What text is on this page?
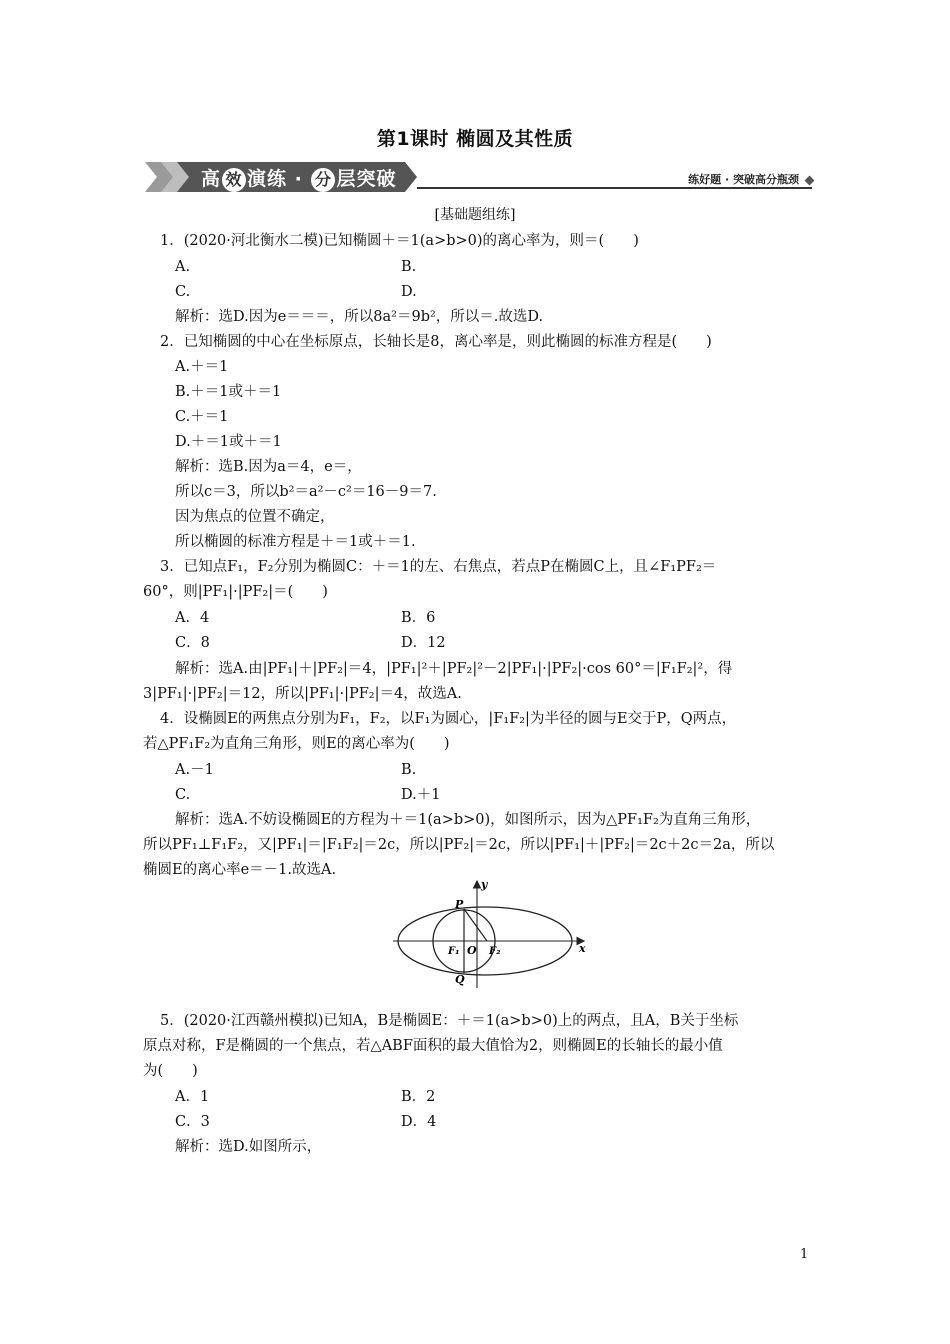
第1课时 椭圆及其性质
高 效 演练 · 分 层突破	练好题 · 突破高分瓶颈
[基础题组练]
1．(2020·河北衡水二模)已知椭圆＋＝1(a>b>0)的离心率为，则＝(　　)
A.	B.
C.	D.
解析：选D.因为e＝＝＝，所以8a²＝9b²，所以＝.故选D.
2．已知椭圆的中心在坐标原点，长轴长是8，离心率是，则此椭圆的标准方程是(　　)
A.＋＝1
B.＋＝1或＋＝1
C.＋＝1
D.＋＝1或＋＝1
解析：选B.因为a＝4，e＝，
所以c＝3，所以b²＝a²－c²＝16－9＝7.
因为焦点的位置不确定，
所以椭圆的标准方程是＋＝1或＋＝1.
3．已知点F₁，F₂分别为椭圆C：＋＝1的左、右焦点，若点P在椭圆C上，且∠F₁PF₂＝
60°，则|PF₁|·|PF₂|＝(　　)
A．4	B．6
C．8	D．12
解析：选A.由|PF₁|＋|PF₂|＝4，|PF₁|²＋|PF₂|²－2|PF₁|·|PF₂|·cos 60°＝|F₁F₂|²，得
3|PF₁|·|PF₂|＝12，所以|PF₁|·|PF₂|＝4，故选A.
4．设椭圆E的两焦点分别为F₁，F₂，以F₁为圆心，|F₁F₂|为半径的圆与E交于P，Q两点，
若△PF₁F₂为直角三角形，则E的离心率为(　　)
A.－1	B.
C.	D.＋1
解析：选A.不妨设椭圆E的方程为＋＝1(a>b>0)，如图所示，因为△PF₁F₂为直角三角形，
所以PF₁⊥F₁F₂，又|PF₁|＝|F₁F₂|＝2c，所以|PF₂|＝2c，所以|PF₁|＋|PF₂|＝2c＋2c＝2a，所以
椭圆E的离心率e＝－1.故选A.
y
x
P
Q
O
F₁	F₂
5．(2020·江西赣州模拟)已知A，B是椭圆E：＋＝1(a>b>0)上的两点，且A，B关于坐标
原点对称，F是椭圆的一个焦点，若△ABF面积的最大值恰为2，则椭圆E的长轴长的最小值
为(　　)
A．1	B．2
C．3	D．4
解析：选D.如图所示，
1
